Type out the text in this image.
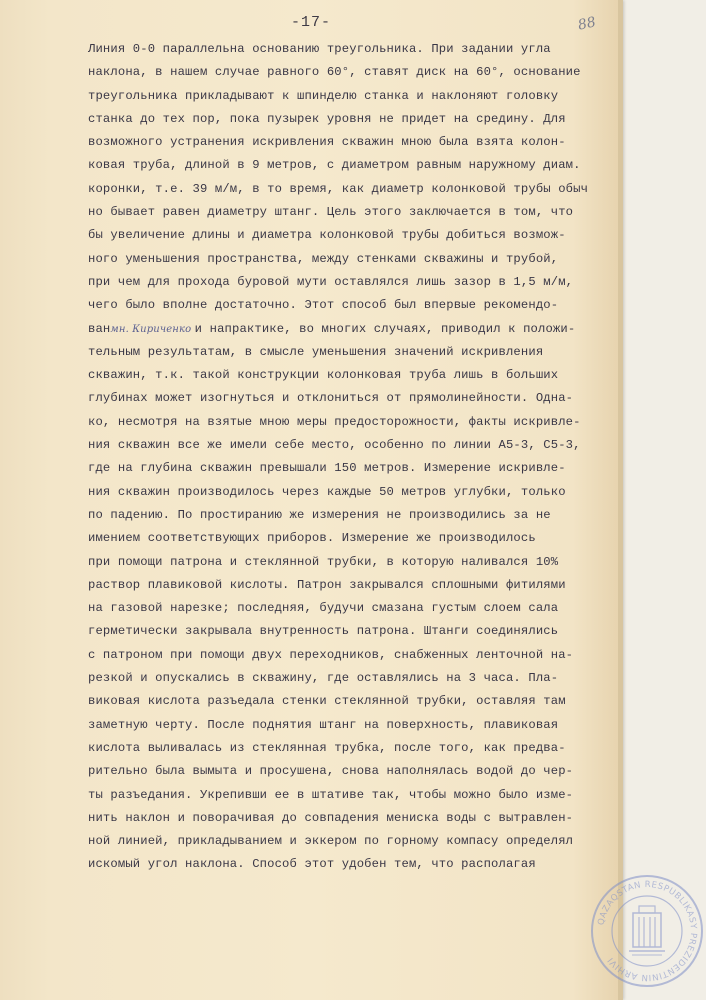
-17-	88
Линия 0-0 параллельна основанию треугольника. При задании угла
наклона, в нашем случае равного 60°, ставят диск на 60°, основание
треугольника прикладывают к шпинделю станка и наклоняют головку
станка до тех пор, пока пузырек уровня не придет на средину. Для
возможного устранения искривления скважин мною была взята колон-
ковая труба, длиной в 9 метров, с диаметром равным наружному диам.
коронки, т.е. 39 м/м, в то время, как диаметр колонковой трубы обыч
но бывает равен диаметру штанг. Цель этого заключается в том, что
бы увеличение длины и диаметра колонковой трубы добиться возмож-
ного уменьшения пространства, между стенками скважины и трубой,
при чем для прохода буровой мути оставлялся лишь зазор в 1,5 м/м,
чего было вполне достаточно. Этот способ был впервые рекомендо-
ванмн. Кириченко и напрактике, во многих случаях, приводил к положи-
тельным результатам, в смысле уменьшения значений искривления
скважин, т.к. такой конструкции колонковая труба лишь в больших
глубинах может изогнуться и отклониться от прямолинейности. Одна-
ко, несмотря на взятые мною меры предосторожности, факты искривле-
ния скважин все же имели себе место, особенно по линии А5-3, С5-3,
где на глубина скважин превышали 150 метров. Измерение искривле-
ния скважин производилось через каждые 50 метров углубки, только
по падению. По простиранию же измерения не производились за не
имением соответствующих приборов. Измерение же производилось
при помощи патрона и стеклянной трубки, в которую наливался 10%
раствор плавиковой кислоты. Патрон закрывался сплошными фитилями
на газовой нарезке; последняя, будучи смазана густым слоем сала
герметически закрывала внутренность патрона. Штанги соединялись
с патроном при помощи двух переходников, снабженных ленточной на-
резкой и опускались в скважину, где оставлялись на 3 часа. Пла-
виковая кислота разъедала стенки стеклянной трубки, оставляя там
заметную черту. После поднятия штанг на поверхность, плавиковая
кислота выливалась из стеклянная трубка, после того, как предва-
рительно была вымыта и просушена, снова наполнялась водой до чер-
ты разъедания. Укрепивши ее в штативе так, чтобы можно было изме-
нить наклон и поворачивая до совпадения мениска воды с вытравлен-
ной линией, прикладыванием и эккером по горному компасу определял
искомый угол наклона. Способ этот удобен тем, что располагая
QAZAQSTAN RESPUBLIKASY PREZIDENTININ ARHIVI
